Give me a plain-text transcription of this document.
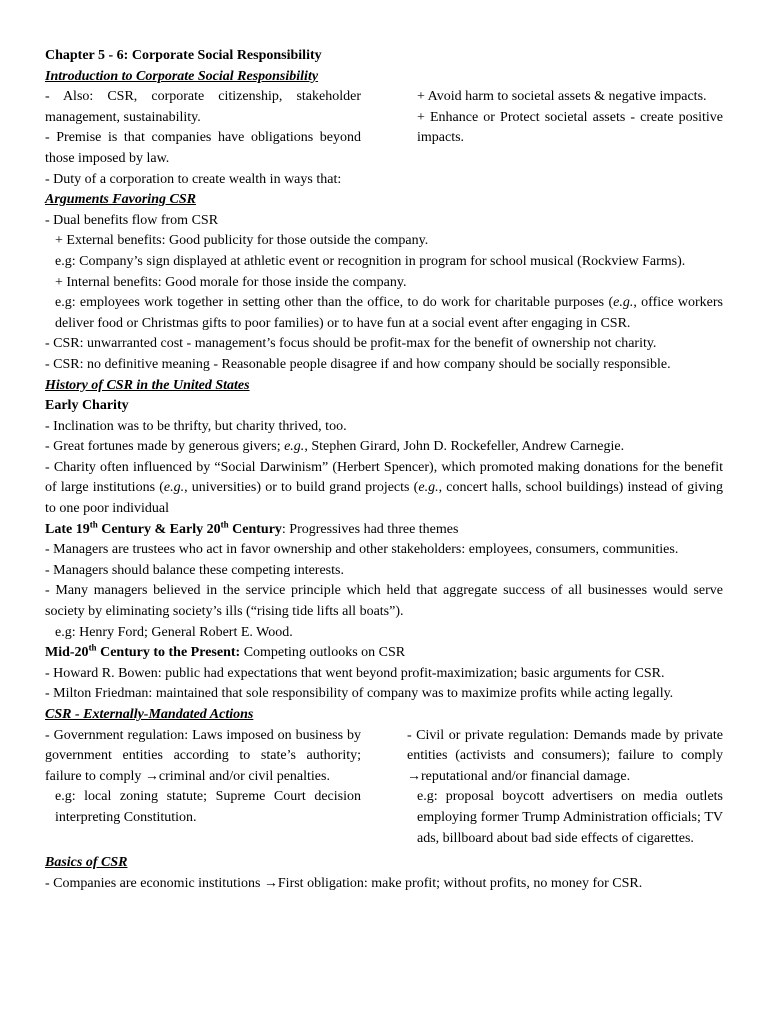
Chapter 5 - 6: Corporate Social Responsibility

Introduction to Corporate Social Responsibility

- Also: CSR, corporate citizenship, stakeholder management, sustainability.

- Premise is that companies have obligations beyond those imposed by law.

- Duty of a corporation to create wealth in ways that:

+ Avoid harm to societal assets & negative impacts.

+ Enhance or Protect societal assets - create positive impacts.

Arguments Favoring CSR

- Dual benefits flow from CSR

+ External benefits: Good publicity for those outside the company.

e.g: Company’s sign displayed at athletic event or recognition in program for school musical (Rockview Farms).

+ Internal benefits: Good morale for those inside the company.

e.g: employees work together in setting other than the office, to do work for charitable purposes (e.g., office workers deliver food or Christmas gifts to poor families) or to have fun at a social event after engaging in CSR.

- CSR: unwarranted cost - management’s focus should be profit-max for the benefit of ownership not charity.

- CSR: no definitive meaning - Reasonable people disagree if and how company should be socially responsible.

History of CSR in the United States

Early Charity

- Inclination was to be thrifty, but charity thrived, too.

- Great fortunes made by generous givers; e.g., Stephen Girard, John D. Rockefeller, Andrew Carnegie.

- Charity often influenced by “Social Darwinism” (Herbert Spencer), which promoted making donations for the benefit of large institutions (e.g., universities) or to build grand projects (e.g., concert halls, school buildings) instead of giving to one poor individual

Late 19th Century & Early 20th Century: Progressives had three themes

- Managers are trustees who act in favor ownership and other stakeholders: employees, consumers, communities.

- Managers should balance these competing interests.

- Many managers believed in the service principle which held that aggregate success of all businesses would serve society by eliminating society’s ills (“rising tide lifts all boats”).

e.g: Henry Ford; General Robert E. Wood.

Mid-20th Century to the Present: Competing outlooks on CSR

- Howard R. Bowen: public had expectations that went beyond profit-maximization; basic arguments for CSR.

- Milton Friedman: maintained that sole responsibility of company was to maximize profits while acting legally.

CSR - Externally-Mandated Actions

- Government regulation: Laws imposed on business by government entities according to state’s authority; failure to comply →criminal and/or civil penalties.

e.g: local zoning statute; Supreme Court decision interpreting Constitution.

- Civil or private regulation: Demands made by private entities (activists and consumers); failure to comply →reputational and/or financial damage.

e.g: proposal boycott advertisers on media outlets employing former Trump Administration officials; TV ads, billboard about bad side effects of cigarettes.

Basics of CSR

- Companies are economic institutions →First obligation: make profit; without profits, no money for CSR.
